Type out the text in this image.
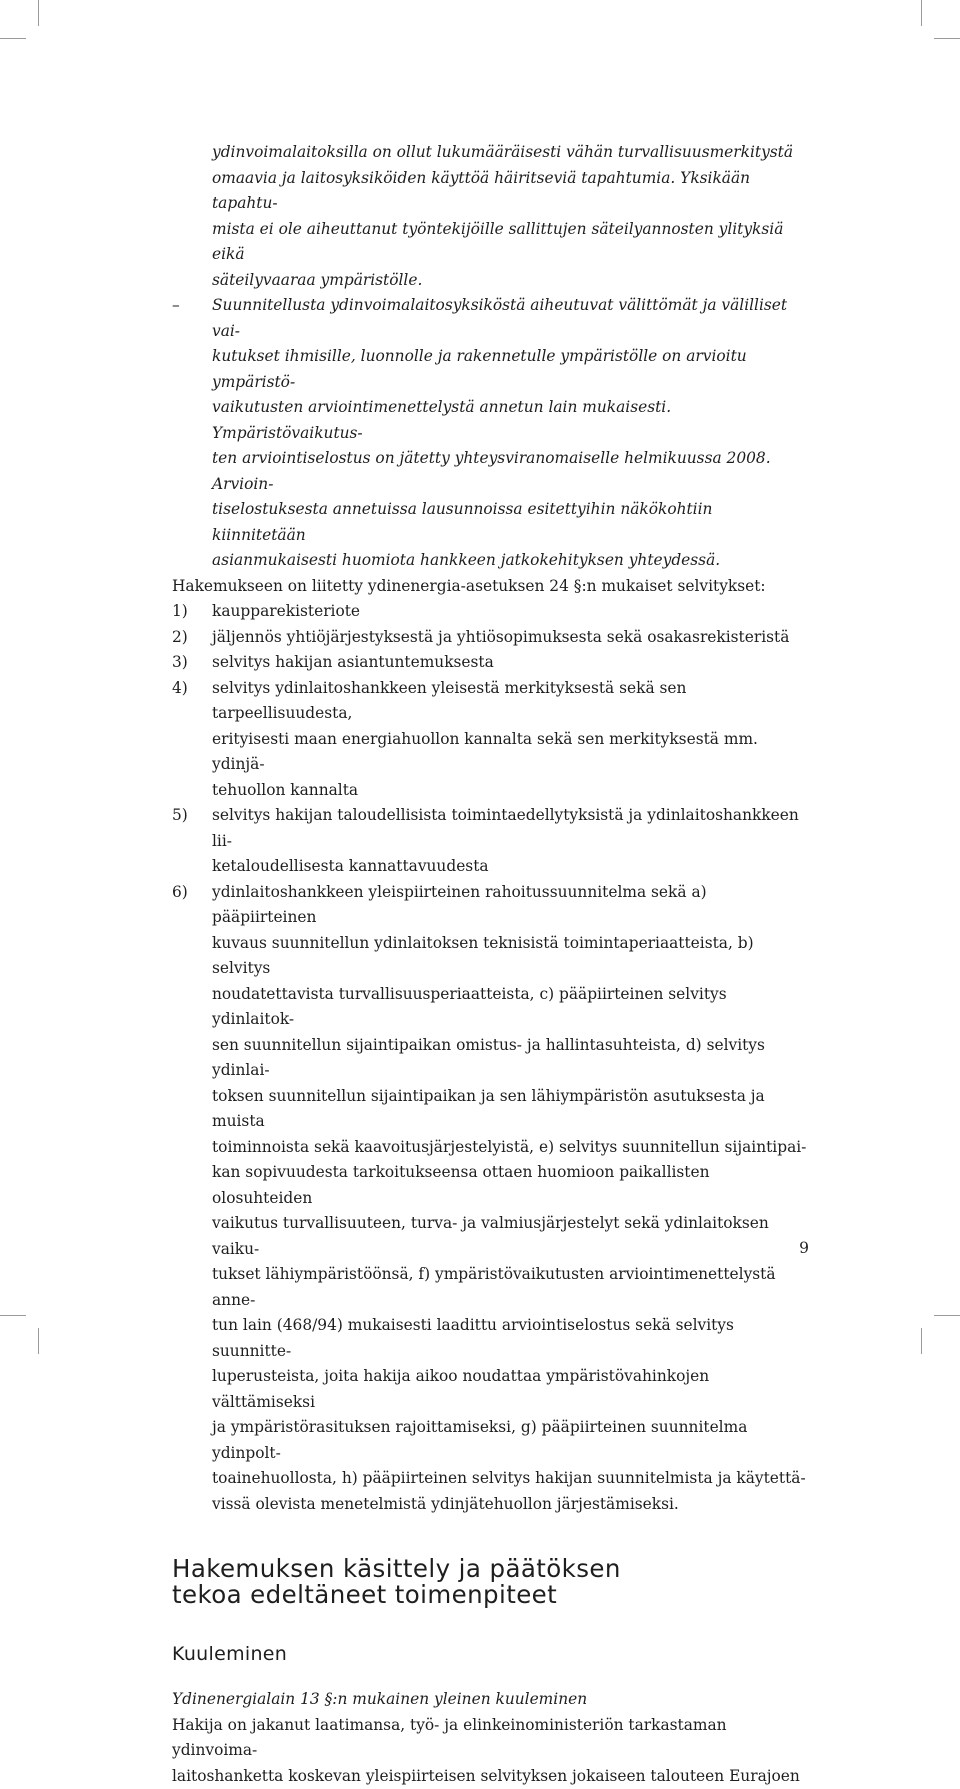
ydinvoimalaitoksilla on ollut lukumääräisesti vähän turvallisuusmerkitystä
omaavia ja laitosyksiköiden käyttöä häiritseviä tapahtumia. Yksikään tapahtu-
mista ei ole aiheuttanut työntekijöille sallittujen säteilyannosten ylityksiä eikä
säteilyvaaraa ympäristölle.
–	Suunnitellusta ydinvoimalaitosyksiköstä aiheutuvat välittömät ja välilliset vai-
kutukset ihmisille, luonnolle ja rakennetulle ympäristölle on arvioitu ympäristö-
vaikutusten arviointimenettelystä annetun lain mukaisesti. Ympäristövaikutus-
ten arviointiselostus on jätetty yhteysviranomaiselle helmikuussa 2008. Arvioin-
tiselostuksesta annetuissa lausunnoissa esitettyihin näkökohtiin kiinnitetään
asianmukaisesti huomiota hankkeen jatkokehityksen yhteydessä.

Hakemukseen on liitetty ydinenergia-asetuksen 24 §:n mukaiset selvitykset:

1)	kaupparekisteriote
2)	jäljennös yhtiöjärjestyksestä ja yhtiösopimuksesta sekä osakasrekisteristä
3)	selvitys hakijan asiantuntemuksesta
4)	selvitys ydinlaitoshankkeen yleisestä merkityksestä sekä sen tarpeellisuudesta,
erityisesti maan energiahuollon kannalta sekä sen merkityksestä mm. ydinjä-
tehuollon kannalta
5)	selvitys hakijan taloudellisista toimintaedellytyksistä ja ydinlaitoshankkeen lii-
ketaloudellisesta kannattavuudesta
6)	ydinlaitoshankkeen yleispiirteinen rahoitussuunnitelma sekä a) pääpiirteinen
kuvaus suunnitellun ydinlaitoksen teknisistä toimintaperiaatteista, b) selvitys
noudatettavista turvallisuusperiaatteista, c) pääpiirteinen selvitys ydinlaitok-
sen suunnitellun sijaintipaikan omistus- ja hallintasuhteista, d) selvitys ydinlai-
toksen suunnitellun sijaintipaikan ja sen lähiympäristön asutuksesta ja muista
toiminnoista sekä kaavoitusjärjestelyistä, e) selvitys suunnitellun sijaintipai-
kan sopivuudesta tarkoitukseensa ottaen huomioon paikallisten olosuhteiden
vaikutus turvallisuuteen, turva- ja valmiusjärjestelyt sekä ydinlaitoksen vaiku-
tukset lähiympäristöönsä, f) ympäristövaikutusten arviointimenettelystä anne-
tun lain (468/94) mukaisesti laadittu arviointiselostus sekä selvitys suunnitte-
luperusteista, joita hakija aikoo noudattaa ympäristövahinkojen välttämiseksi
ja ympäristörasituksen rajoittamiseksi, g) pääpiirteinen suunnitelma ydinpolt-
toainehuollosta, h) pääpiirteinen selvitys hakijan suunnitelmista ja käytettä-
vissä olevista menetelmistä ydinjätehuollon järjestämiseksi.
Hakemuksen käsittely ja päätöksen
tekoa edeltäneet toimenpiteet
Kuuleminen

Ydinenergialain 13 §:n mukainen yleinen kuuleminen

Hakija on jakanut laatimansa, työ- ja elinkeinoministeriön tarkastaman ydinvoima-
laitoshanketta koskevan yleispiirteisen selvityksen jokaiseen talouteen Eurajoen
9
